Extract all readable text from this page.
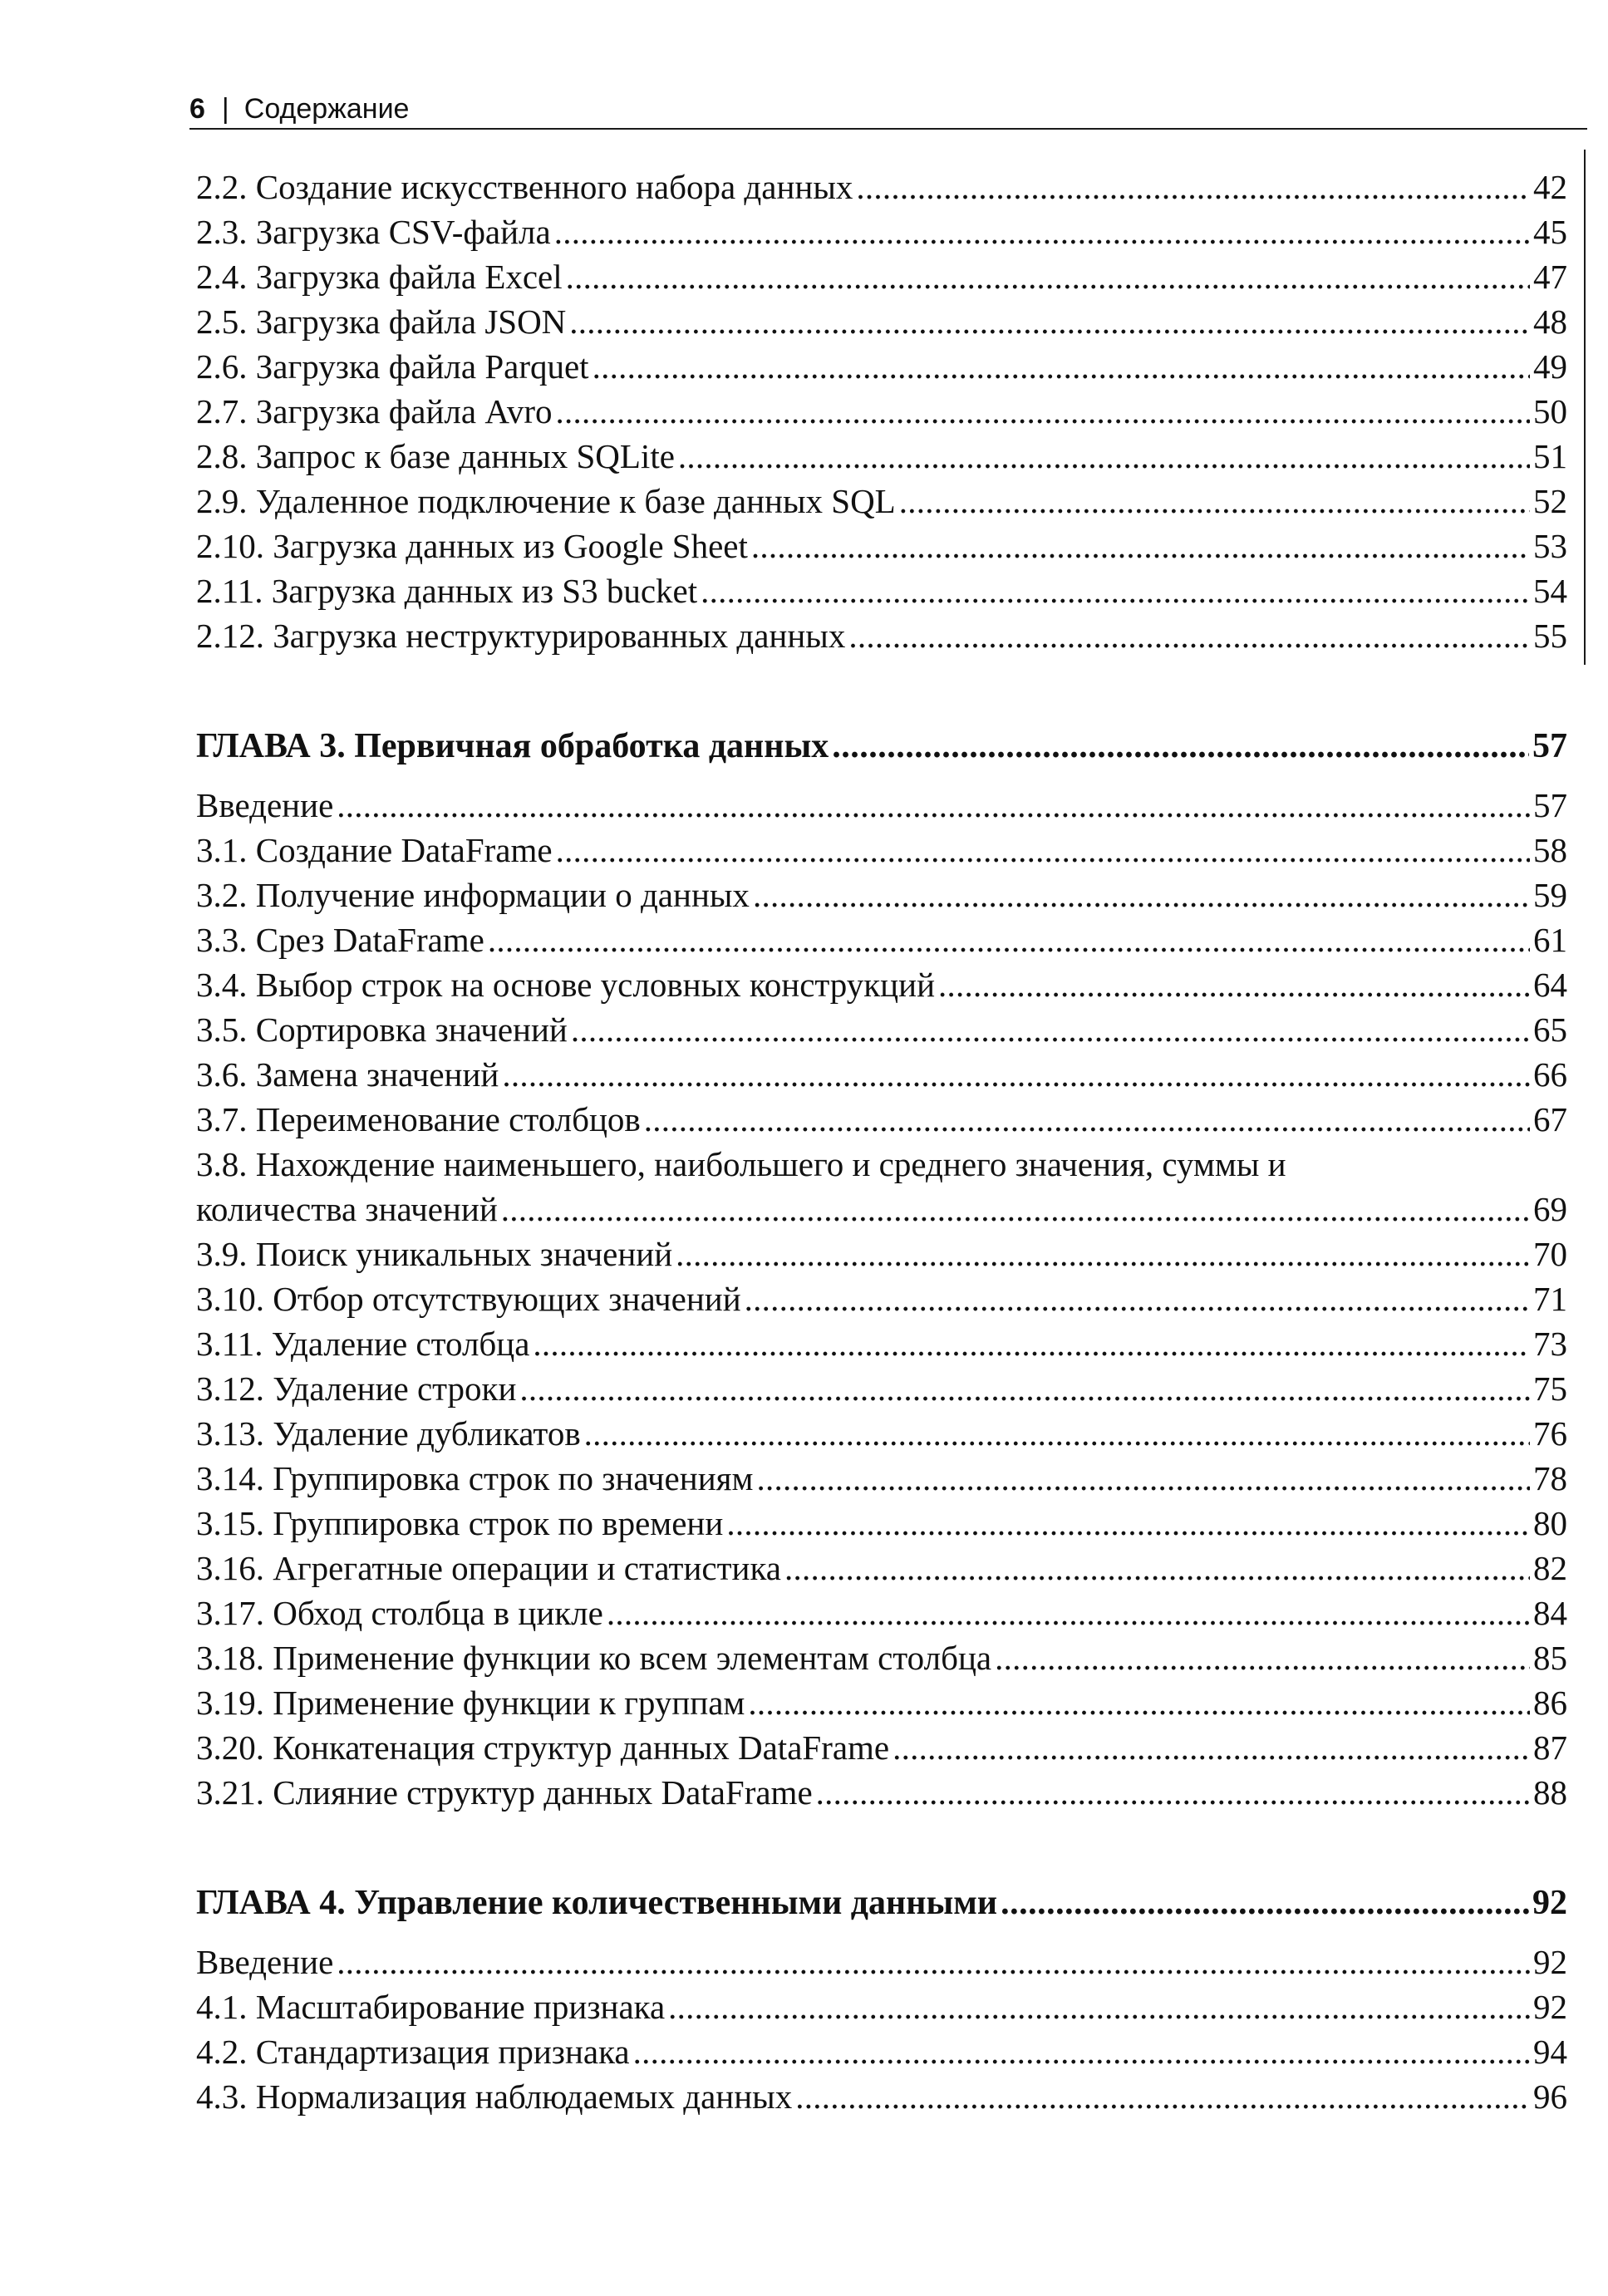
6 | Содержание
2.2. Создание искусственного набора данных . . .	42
2.3. Загрузка CSV-файла . . .	45
2.4. Загрузка файла Excel . . .	47
2.5. Загрузка файла JSON . . .	48
2.6. Загрузка файла Parquet . . .	49
2.7. Загрузка файла Avro . . .	50
2.8. Запрос к базе данных SQLite . . .	51
2.9. Удаленное подключение к базе данных SQL . . .	52
2.10. Загрузка данных из Google Sheet . . .	53
2.11. Загрузка данных из S3 bucket . . .	54
2.12. Загрузка неструктурированных данных . . .	55
ГЛАВА 3. Первичная обработка данных . . .	57
Введение . . .	57
3.1. Создание DataFrame . . .	58
3.2. Получение информации о данных . . .	59
3.3. Срез DataFrame . . .	61
3.4. Выбор строк на основе условных конструкций . . .	64
3.5. Сортировка значений . . .	65
3.6. Замена значений . . .	66
3.7. Переименование столбцов . . .	67
3.8. Нахождение наименьшего, наибольшего и среднего значения, суммы и
количества значений . . .	69
3.9. Поиск уникальных значений . . .	70
3.10. Отбор отсутствующих значений . . .	71
3.11. Удаление столбца . . .	73
3.12. Удаление строки . . .	75
3.13. Удаление дубликатов . . .	76
3.14. Группировка строк по значениям . . .	78
3.15. Группировка строк по времени . . .	80
3.16. Агрегатные операции и статистика . . .	82
3.17. Обход столбца в цикле . . .	84
3.18. Применение функции ко всем элементам столбца . . .	85
3.19. Применение функции к группам . . .	86
3.20. Конкатенация структур данных DataFrame . . .	87
3.21. Слияние структур данных DataFrame . . .	88
ГЛАВА 4. Управление количественными данными . . .	92
Введение . . .	92
4.1. Масштабирование признака . . .	92
4.2. Стандартизация признака . . .	94
4.3. Нормализация наблюдаемых данных . . .	96
